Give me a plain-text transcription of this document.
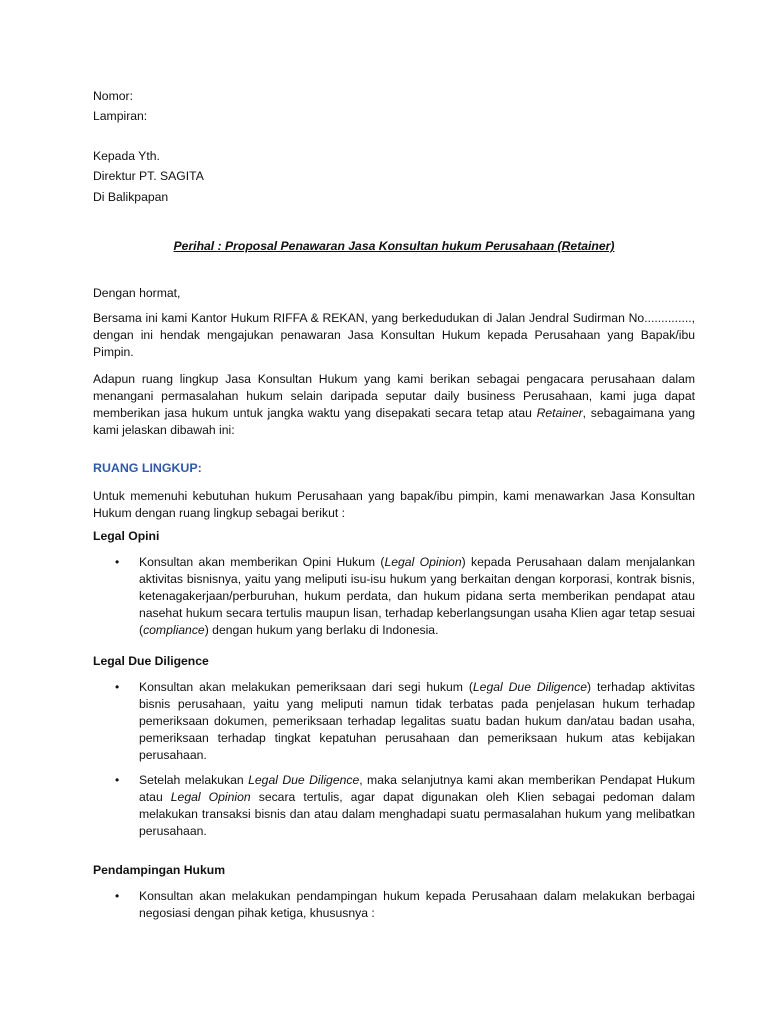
Nomor:
Lampiran:
Kepada Yth.
Direktur PT. SAGITA
Di Balikpapan
Perihal : Proposal Penawaran Jasa Konsultan hukum Perusahaan (Retainer)
Dengan hormat,
Bersama ini kami Kantor Hukum RIFFA & REKAN, yang berkedudukan di Jalan Jendral Sudirman No.............., dengan ini hendak mengajukan penawaran Jasa Konsultan Hukum kepada Perusahaan yang Bapak/ibu Pimpin.
Adapun ruang lingkup Jasa Konsultan Hukum yang kami berikan sebagai pengacara perusahaan dalam menangani permasalahan hukum selain daripada seputar daily business Perusahaan, kami juga dapat memberikan jasa hukum untuk jangka waktu yang disepakati secara tetap atau Retainer, sebagaimana yang kami jelaskan dibawah ini:
RUANG LINGKUP:
Untuk memenuhi kebutuhan hukum Perusahaan yang bapak/ibu pimpin, kami menawarkan Jasa Konsultan Hukum dengan ruang lingkup sebagai berikut :
Legal Opini
•	Konsultan akan memberikan Opini Hukum (Legal Opinion) kepada Perusahaan dalam menjalankan aktivitas bisnisnya, yaitu yang meliputi isu-isu hukum yang berkaitan dengan korporasi, kontrak bisnis, ketenagakerjaan/perburuhan, hukum perdata, dan hukum pidana serta memberikan pendapat atau nasehat hukum secara tertulis maupun lisan, terhadap keberlangsungan usaha Klien agar tetap sesuai (compliance) dengan hukum yang berlaku di Indonesia.
Legal Due Diligence
•	Konsultan akan melakukan pemeriksaan dari segi hukum (Legal Due Diligence) terhadap aktivitas bisnis perusahaan, yaitu yang meliputi namun tidak terbatas pada penjelasan hukum terhadap pemeriksaan dokumen, pemeriksaan terhadap legalitas suatu badan hukum dan/atau badan usaha, pemeriksaan terhadap tingkat kepatuhan perusahaan dan pemeriksaan hukum atas kebijakan perusahaan.
•	Setelah melakukan Legal Due Diligence, maka selanjutnya kami akan memberikan Pendapat Hukum atau Legal Opinion secara tertulis, agar dapat digunakan oleh Klien sebagai pedoman dalam melakukan transaksi bisnis dan atau dalam menghadapi suatu permasalahan hukum yang melibatkan perusahaan.
Pendampingan Hukum
•	Konsultan akan melakukan pendampingan hukum kepada Perusahaan dalam melakukan berbagai negosiasi dengan pihak ketiga, khususnya :
